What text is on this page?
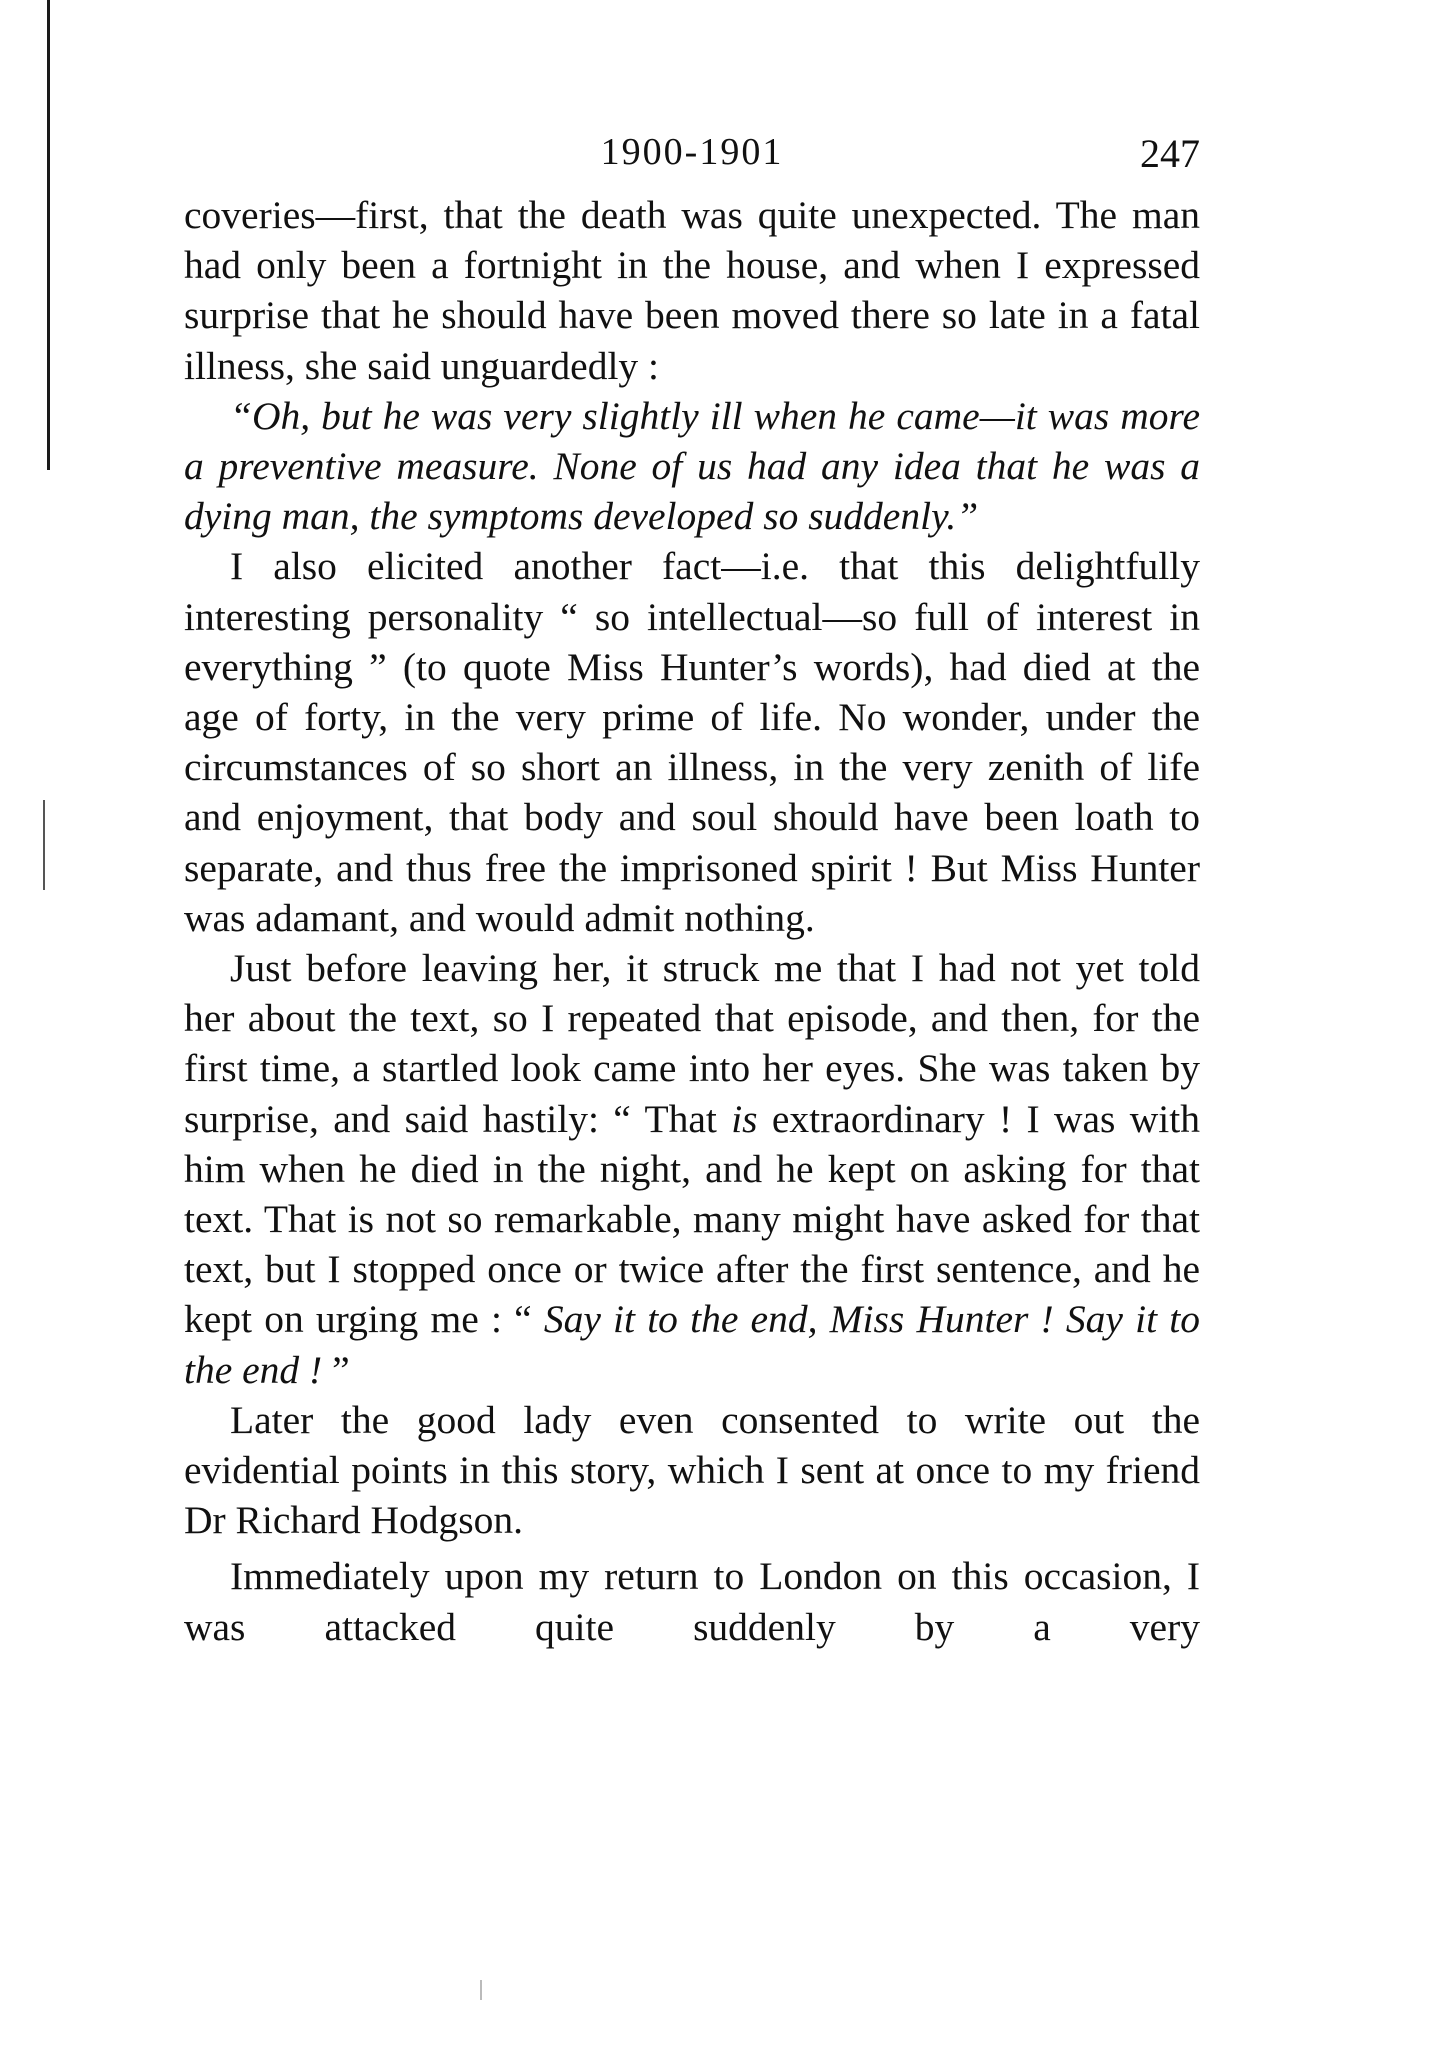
1900-1901	247

coveries—first, that the death was quite unexpected. The man had only been a fortnight in the house, and when I expressed surprise that he should have been moved there so late in a fatal illness, she said unguardedly :

“Oh, but he was very slightly ill when he came—it was more a preventive measure. None of us had any idea that he was a dying man, the symptoms developed so suddenly.”

I also elicited another fact—i.e. that this delightfully interesting personality “ so intellectual—so full of interest in everything ” (to quote Miss Hunter’s words), had died at the age of forty, in the very prime of life. No wonder, under the circumstances of so short an illness, in the very zenith of life and enjoyment, that body and soul should have been loath to separate, and thus free the imprisoned spirit ! But Miss Hunter was adamant, and would admit nothing.

Just before leaving her, it struck me that I had not yet told her about the text, so I repeated that episode, and then, for the first time, a startled look came into her eyes. She was taken by surprise, and said hastily: “ That is extraordinary ! I was with him when he died in the night, and he kept on asking for that text. That is not so remarkable, many might have asked for that text, but I stopped once or twice after the first sentence, and he kept on urging me : “ Say it to the end, Miss Hunter ! Say it to the end ! ”

Later the good lady even consented to write out the evidential points in this story, which I sent at once to my friend Dr Richard Hodgson.

Immediately upon my return to London on this occasion, I was attacked quite suddenly by a very
